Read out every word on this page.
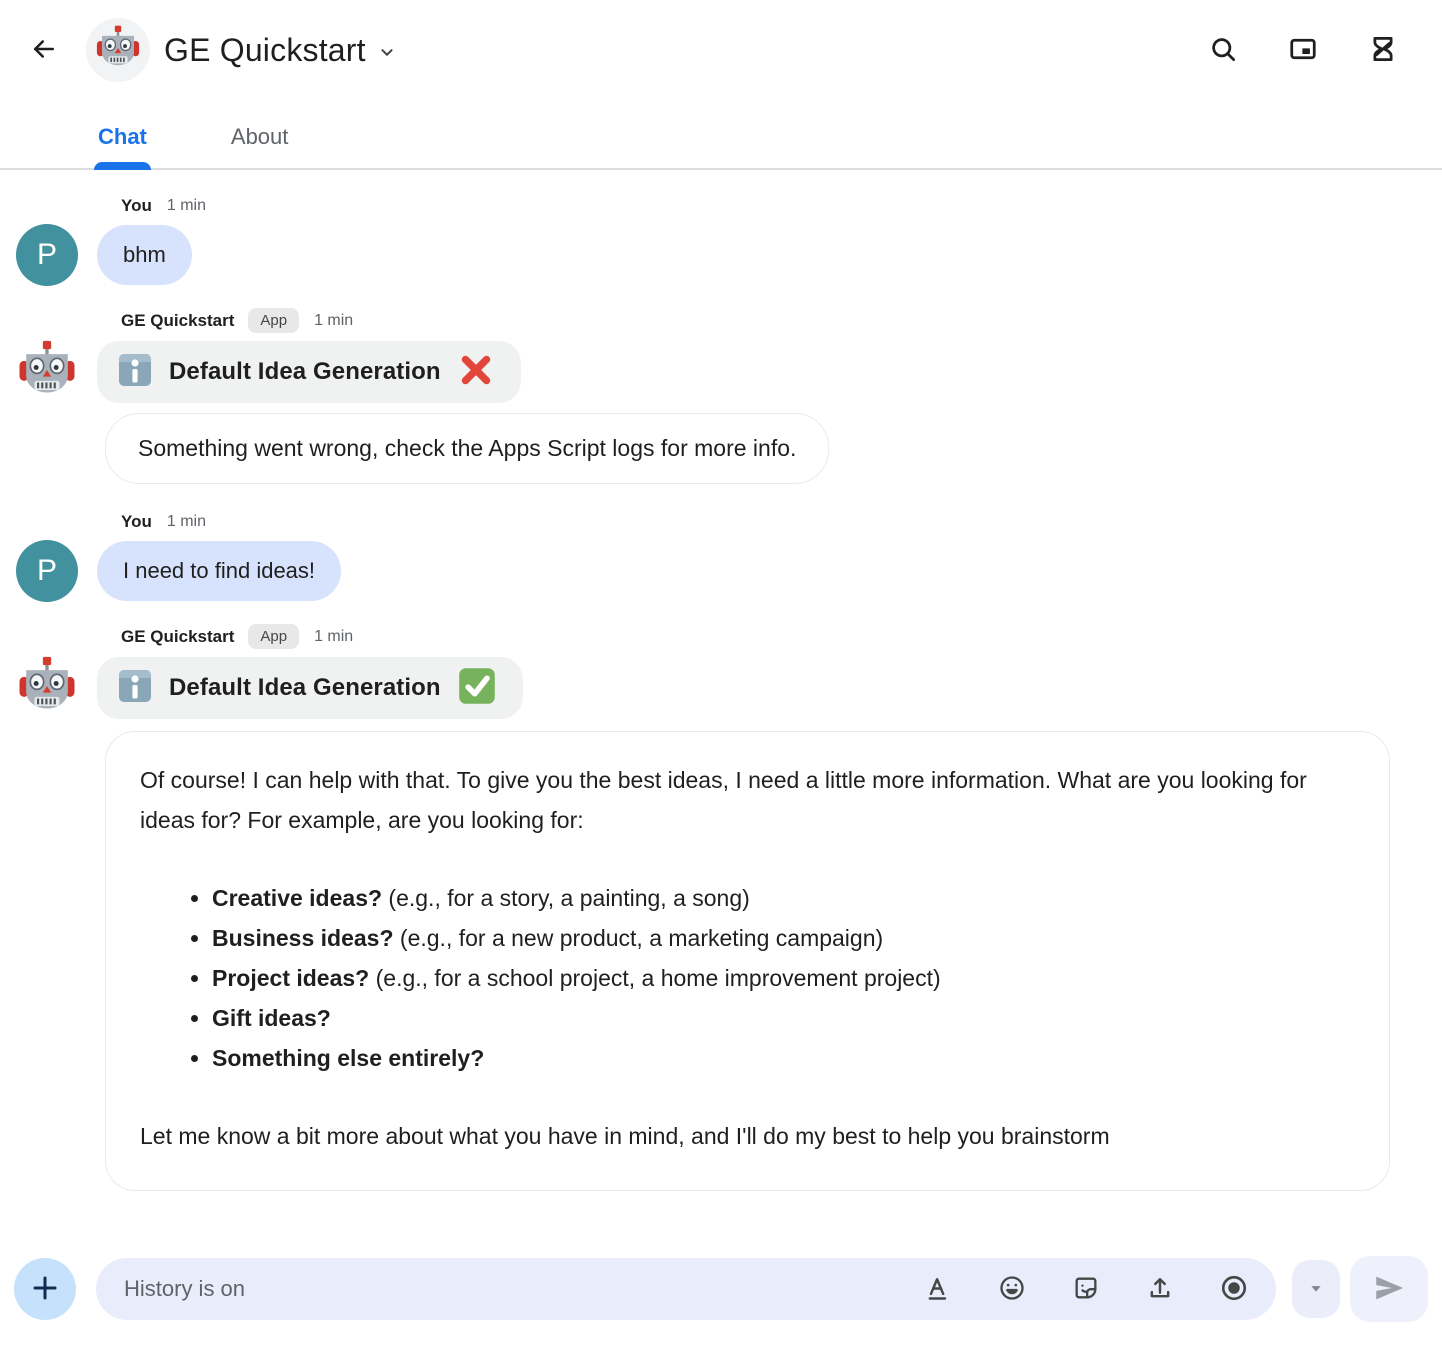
GE Quickstart
Chat	About
You 1 min
P	bhm
GE Quickstart	App	1 min
Default Idea Generation
Something went wrong, check the Apps Script logs for more info.
You 1 min
P	I need to find ideas!
GE Quickstart	App	1 min
Default Idea Generation

Of course! I can help with that. To give you the best ideas, I need a little more information. What are you looking for ideas for? For example, are you looking for:

• Creative ideas? (e.g., for a story, a painting, a song)
• Business ideas? (e.g., for a new product, a marketing campaign)
• Project ideas? (e.g., for a school project, a home improvement project)
• Gift ideas?
• Something else entirely?

Let me know a bit more about what you have in mind, and I'll do my best to help you brainstorm

History is on
